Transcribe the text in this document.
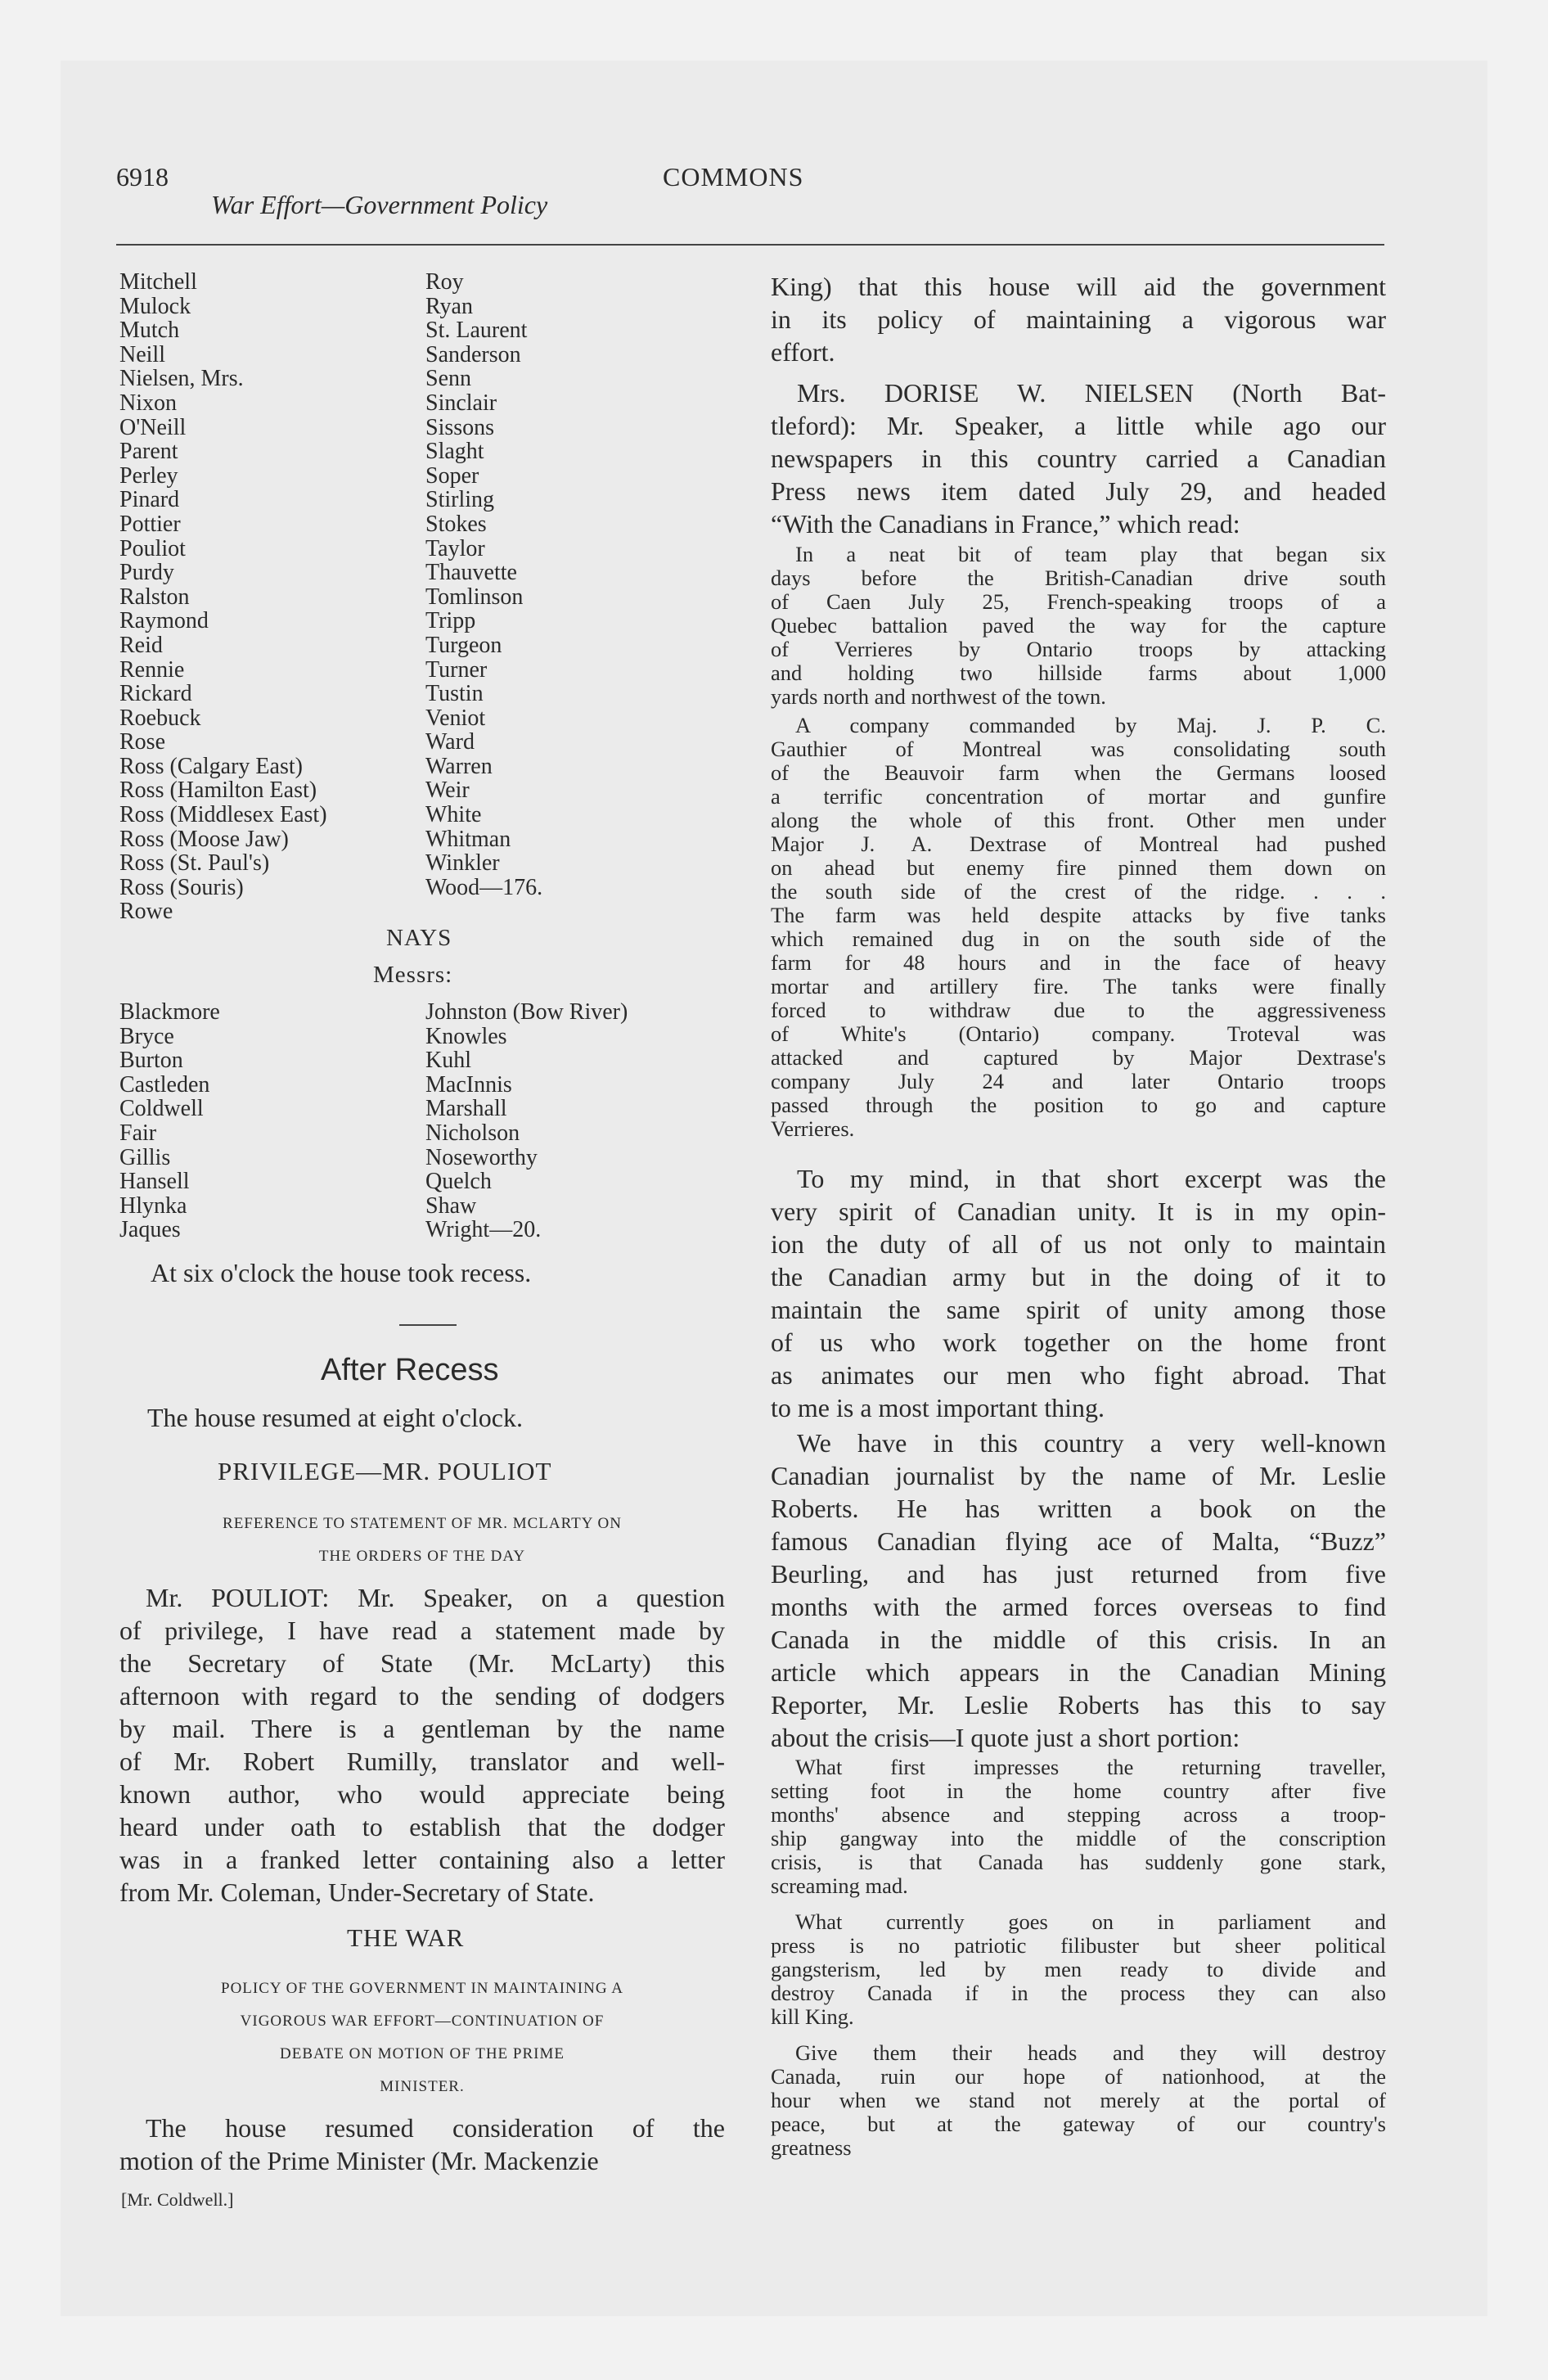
6918	COMMONS
War Effort—Government Policy
Mitchell
Mulock
Mutch
Neill
Nielsen, Mrs.
Nixon
O'Neill
Parent
Perley
Pinard
Pottier
Pouliot
Purdy
Ralston
Raymond
Reid
Rennie
Rickard
Roebuck
Rose
Ross (Calgary East)
Ross (Hamilton East)
Ross (Middlesex East)
Ross (Moose Jaw)
Ross (St. Paul's)
Ross (Souris)
Rowe
Roy
Ryan
St. Laurent
Sanderson
Senn
Sinclair
Sissons
Slaght
Soper
Stirling
Stokes
Taylor
Thauvette
Tomlinson
Tripp
Turgeon
Turner
Tustin
Veniot
Ward
Warren
Weir
White
Whitman
Winkler
Wood—176.
NAYS
Messrs:
Blackmore
Bryce
Burton
Castleden
Coldwell
Fair
Gillis
Hansell
Hlynka
Jaques
Johnston (Bow River)
Knowles
Kuhl
MacInnis
Marshall
Nicholson
Noseworthy
Quelch
Shaw
Wright—20.
At six o'clock the house took recess.
After Recess
The house resumed at eight o'clock.
PRIVILEGE—MR. POULIOT
REFERENCE TO STATEMENT OF MR. MCLARTY ON
THE ORDERS OF THE DAY
Mr. POULIOT: Mr. Speaker, on a question
of privilege, I have read a statement made by
the Secretary of State (Mr. McLarty) this
afternoon with regard to the sending of dodgers
by mail. There is a gentleman by the name
of Mr. Robert Rumilly, translator and well-
known author, who would appreciate being
heard under oath to establish that the dodger
was in a franked letter containing also a letter
from Mr. Coleman, Under-Secretary of State.
THE WAR
POLICY OF THE GOVERNMENT IN MAINTAINING A
VIGOROUS WAR EFFORT—CONTINUATION OF
DEBATE ON MOTION OF THE PRIME
MINISTER.
The house resumed consideration of the
motion of the Prime Minister (Mr. Mackenzie
[Mr. Coldwell.]
King) that this house will aid the government
in its policy of maintaining a vigorous war
effort.
Mrs. DORISE W. NIELSEN (North Bat-
tleford): Mr. Speaker, a little while ago our
newspapers in this country carried a Canadian
Press news item dated July 29, and headed
“With the Canadians in France,” which read:
In a neat bit of team play that began six
days before the British-Canadian drive south
of Caen July 25, French-speaking troops of a
Quebec battalion paved the way for the capture
of Verrieres by Ontario troops by attacking
and holding two hillside farms about 1,000
yards north and northwest of the town.
A company commanded by Maj. J. P. C.
Gauthier of Montreal was consolidating south
of the Beauvoir farm when the Germans loosed
a terrific concentration of mortar and gunfire
along the whole of this front. Other men under
Major J. A. Dextrase of Montreal had pushed
on ahead but enemy fire pinned them down on
the south side of the crest of the ridge. . . .
The farm was held despite attacks by five tanks
which remained dug in on the south side of the
farm for 48 hours and in the face of heavy
mortar and artillery fire. The tanks were finally
forced to withdraw due to the aggressiveness
of White's (Ontario) company. Troteval was
attacked and captured by Major Dextrase's
company July 24 and later Ontario troops
passed through the position to go and capture
Verrieres.
To my mind, in that short excerpt was the
very spirit of Canadian unity. It is in my opin-
ion the duty of all of us not only to maintain
the Canadian army but in the doing of it to
maintain the same spirit of unity among those
of us who work together on the home front
as animates our men who fight abroad. That
to me is a most important thing.
We have in this country a very well-known
Canadian journalist by the name of Mr. Leslie
Roberts. He has written a book on the
famous Canadian flying ace of Malta, “Buzz”
Beurling, and has just returned from five
months with the armed forces overseas to find
Canada in the middle of this crisis. In an
article which appears in the Canadian Mining
Reporter, Mr. Leslie Roberts has this to say
about the crisis—I quote just a short portion:
What first impresses the returning traveller,
setting foot in the home country after five
months' absence and stepping across a troop-
ship gangway into the middle of the conscription
crisis, is that Canada has suddenly gone stark,
screaming mad.
What currently goes on in parliament and
press is no patriotic filibuster but sheer political
gangsterism, led by men ready to divide and
destroy Canada if in the process they can also
kill King.
Give them their heads and they will destroy
Canada, ruin our hope of nationhood, at the
hour when we stand not merely at the portal of
peace, but at the gateway of our country's
greatness
